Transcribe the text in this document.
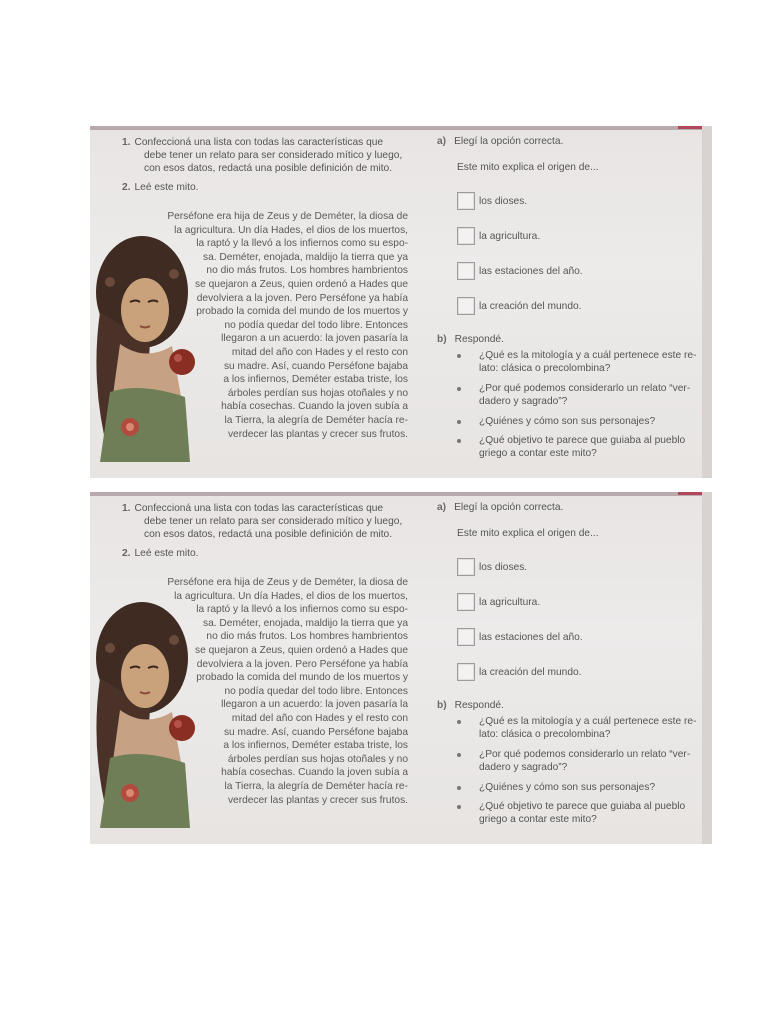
1. Confeccioná una lista con todas las características que
debe tener un relato para ser considerado mítico y luego,
con esos datos, redactá una posible definición de mito.
2. Leé este mito.
Perséfone era hija de Zeus y de Deméter, la diosa de
la agricultura. Un día Hades, el dios de los muertos,
la raptó y la llevó a los infiernos como su espo-
sa. Deméter, enojada, maldijo la tierra que ya
no dio más frutos. Los hombres hambrientos
se quejaron a Zeus, quien ordenó a Hades que
devolviera a la joven. Pero Perséfone ya había
probado la comida del mundo de los muertos y
no podía quedar del todo libre. Entonces
llegaron a un acuerdo: la joven pasaría la
mitad del año con Hades y el resto con
su madre. Así, cuando Perséfone bajaba
a los infiernos, Deméter estaba triste, los
árboles perdían sus hojas otoñales y no
había cosechas. Cuando la joven subía a
la Tierra, la alegría de Deméter hacía re-
verdecer las plantas y crecer sus frutos.
a) Elegí la opción correcta.
Este mito explica el origen de...
los dioses.
la agricultura.
las estaciones del año.
la creación del mundo.
b) Respondé.
¿Qué es la mitología y a cuál pertenece este re-
lato: clásica o precolombina?
¿Por qué podemos considerarlo un relato “ver-
dadero y sagrado”?
¿Quiénes y cómo son sus personajes?
¿Qué objetivo te parece que guiaba al pueblo
griego a contar este mito?
1. Confeccioná una lista con todas las características que
debe tener un relato para ser considerado mítico y luego,
con esos datos, redactá una posible definición de mito.
2. Leé este mito.
Perséfone era hija de Zeus y de Deméter, la diosa de
la agricultura. Un día Hades, el dios de los muertos,
la raptó y la llevó a los infiernos como su espo-
sa. Deméter, enojada, maldijo la tierra que ya
no dio más frutos. Los hombres hambrientos
se quejaron a Zeus, quien ordenó a Hades que
devolviera a la joven. Pero Perséfone ya había
probado la comida del mundo de los muertos y
no podía quedar del todo libre. Entonces
llegaron a un acuerdo: la joven pasaría la
mitad del año con Hades y el resto con
su madre. Así, cuando Perséfone bajaba
a los infiernos, Deméter estaba triste, los
árboles perdían sus hojas otoñales y no
había cosechas. Cuando la joven subía a
la Tierra, la alegría de Deméter hacía re-
verdecer las plantas y crecer sus frutos.
a) Elegí la opción correcta.
Este mito explica el origen de...
los dioses.
la agricultura.
las estaciones del año.
la creación del mundo.
b) Respondé.
¿Qué es la mitología y a cuál pertenece este re-
lato: clásica o precolombina?
¿Por qué podemos considerarlo un relato “ver-
dadero y sagrado”?
¿Quiénes y cómo son sus personajes?
¿Qué objetivo te parece que guiaba al pueblo
griego a contar este mito?
